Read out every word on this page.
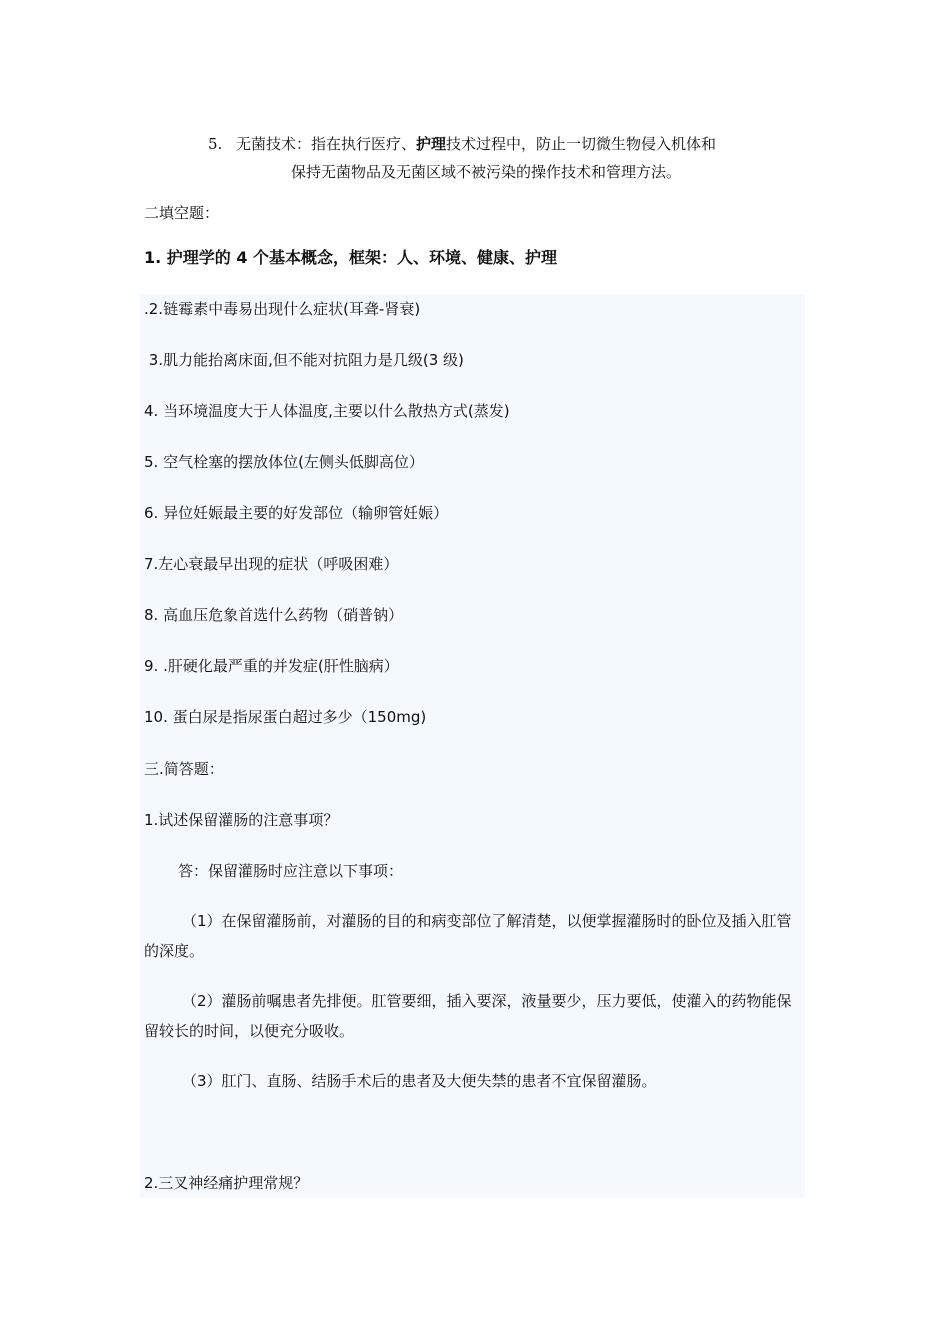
5. 无菌技术：指在执行医疗、护理技术过程中，防止一切微生物侵入机体和
保持无菌物品及无菌区域不被污染的操作技术和管理方法。
二填空题：
1. 护理学的 4 个基本概念，框架：人、环境、健康、护理
.2.链霉素中毒易出现什么症状(耳聋-肾衰)
3.肌力能抬离床面,但不能对抗阻力是几级(3 级)
4. 当环境温度大于人体温度,主要以什么散热方式(蒸发)
5. 空气栓塞的摆放体位(左侧头低脚高位）
6. 异位妊娠最主要的好发部位（输卵管妊娠）
7.左心衰最早出现的症状（呼吸困难）
8. 高血压危象首选什么药物（硝普钠）
9. .肝硬化最严重的并发症(肝性脑病）
10. 蛋白尿是指尿蛋白超过多少（150mg)
三.简答题：
1.试述保留灌肠的注意事项？
答：保留灌肠时应注意以下事项：
（1）在保留灌肠前，对灌肠的目的和病变部位了解清楚，以便掌握灌肠时的卧位及插入肛管的深度。
（2）灌肠前嘱患者先排便。肛管要细，插入要深，液量要少，压力要低，使灌入的药物能保留较长的时间，以便充分吸收。
（3）肛门、直肠、结肠手术后的患者及大便失禁的患者不宜保留灌肠。
2.三叉神经痛护理常规？
